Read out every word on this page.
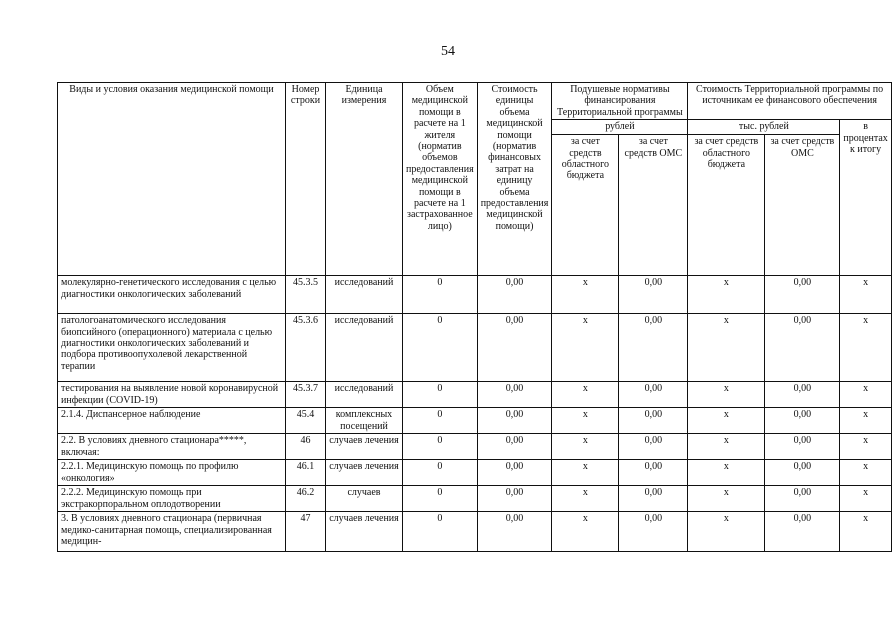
54
Виды и условия оказания медицинской помощи	Номер строки	Единица измерения	Объем медицинской помощи в расчете на 1 жителя (норматив объемов предоставления медицинской помощи в расчете на 1 застрахованное лицо)	Стоимость единицы объема медицинской помощи (норматив финансовых затрат на единицу объема предоставления медицинской помощи)	Подушевые нормативы финансирования Территориальной программы		Стоимость Территориальной программы по источникам ее финансового обеспечения		
					рублей		тыс. рублей		в процентах к итогу
					за счет средств областного бюджета	за счет средств ОМС	за счет средств областного бюджета	за счет средств ОМС	
молекулярно-генетического исследования с целью диагностики онкологических заболеваний	45.3.5	исследований	0	0,00	х	0,00	х	0,00	х
патологоанатомического исследования биопсийного (операционного) материала с целью диагностики онкологических заболеваний и подбора противоопухолевой лекарственной терапии	45.3.6	исследований	0	0,00	х	0,00	х	0,00	х
тестирования на выявление новой коронавирусной инфекции (COVID-19)	45.3.7	исследований	0	0,00	х	0,00	х	0,00	х
2.1.4. Диспансерное наблюдение	45.4	комплексных посещений	0	0,00	х	0,00	х	0,00	х
2.2. В условиях дневного стационара*****, включая:	46	случаев лечения	0	0,00	х	0,00	х	0,00	х
2.2.1. Медицинскую помощь по профилю «онкология»	46.1	случаев лечения	0	0,00	х	0,00	х	0,00	х
2.2.2. Медицинскую помощь при экстракорпоральном оплодотворении	46.2	случаев	0	0,00	х	0,00	х	0,00	х
3. В условиях дневного стационара (первичная медико-санитарная помощь, специализированная медицин-	47	случаев лечения	0	0,00	х	0,00	х	0,00	х
